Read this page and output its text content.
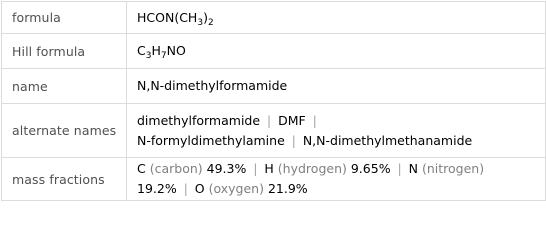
formula	$HCON(CH_3)_2$
Hill formula	$C_3H_7NO$
name	N,N-dimethylformamide
alternate names	dimethylformamide | DMF |
N-formyldimethylamine | N,N-dimethylmethanamide
mass fractions	C (carbon) 49.3% | H (hydrogen) 9.65% | N (nitrogen)
19.2% | O (oxygen) 21.9%
